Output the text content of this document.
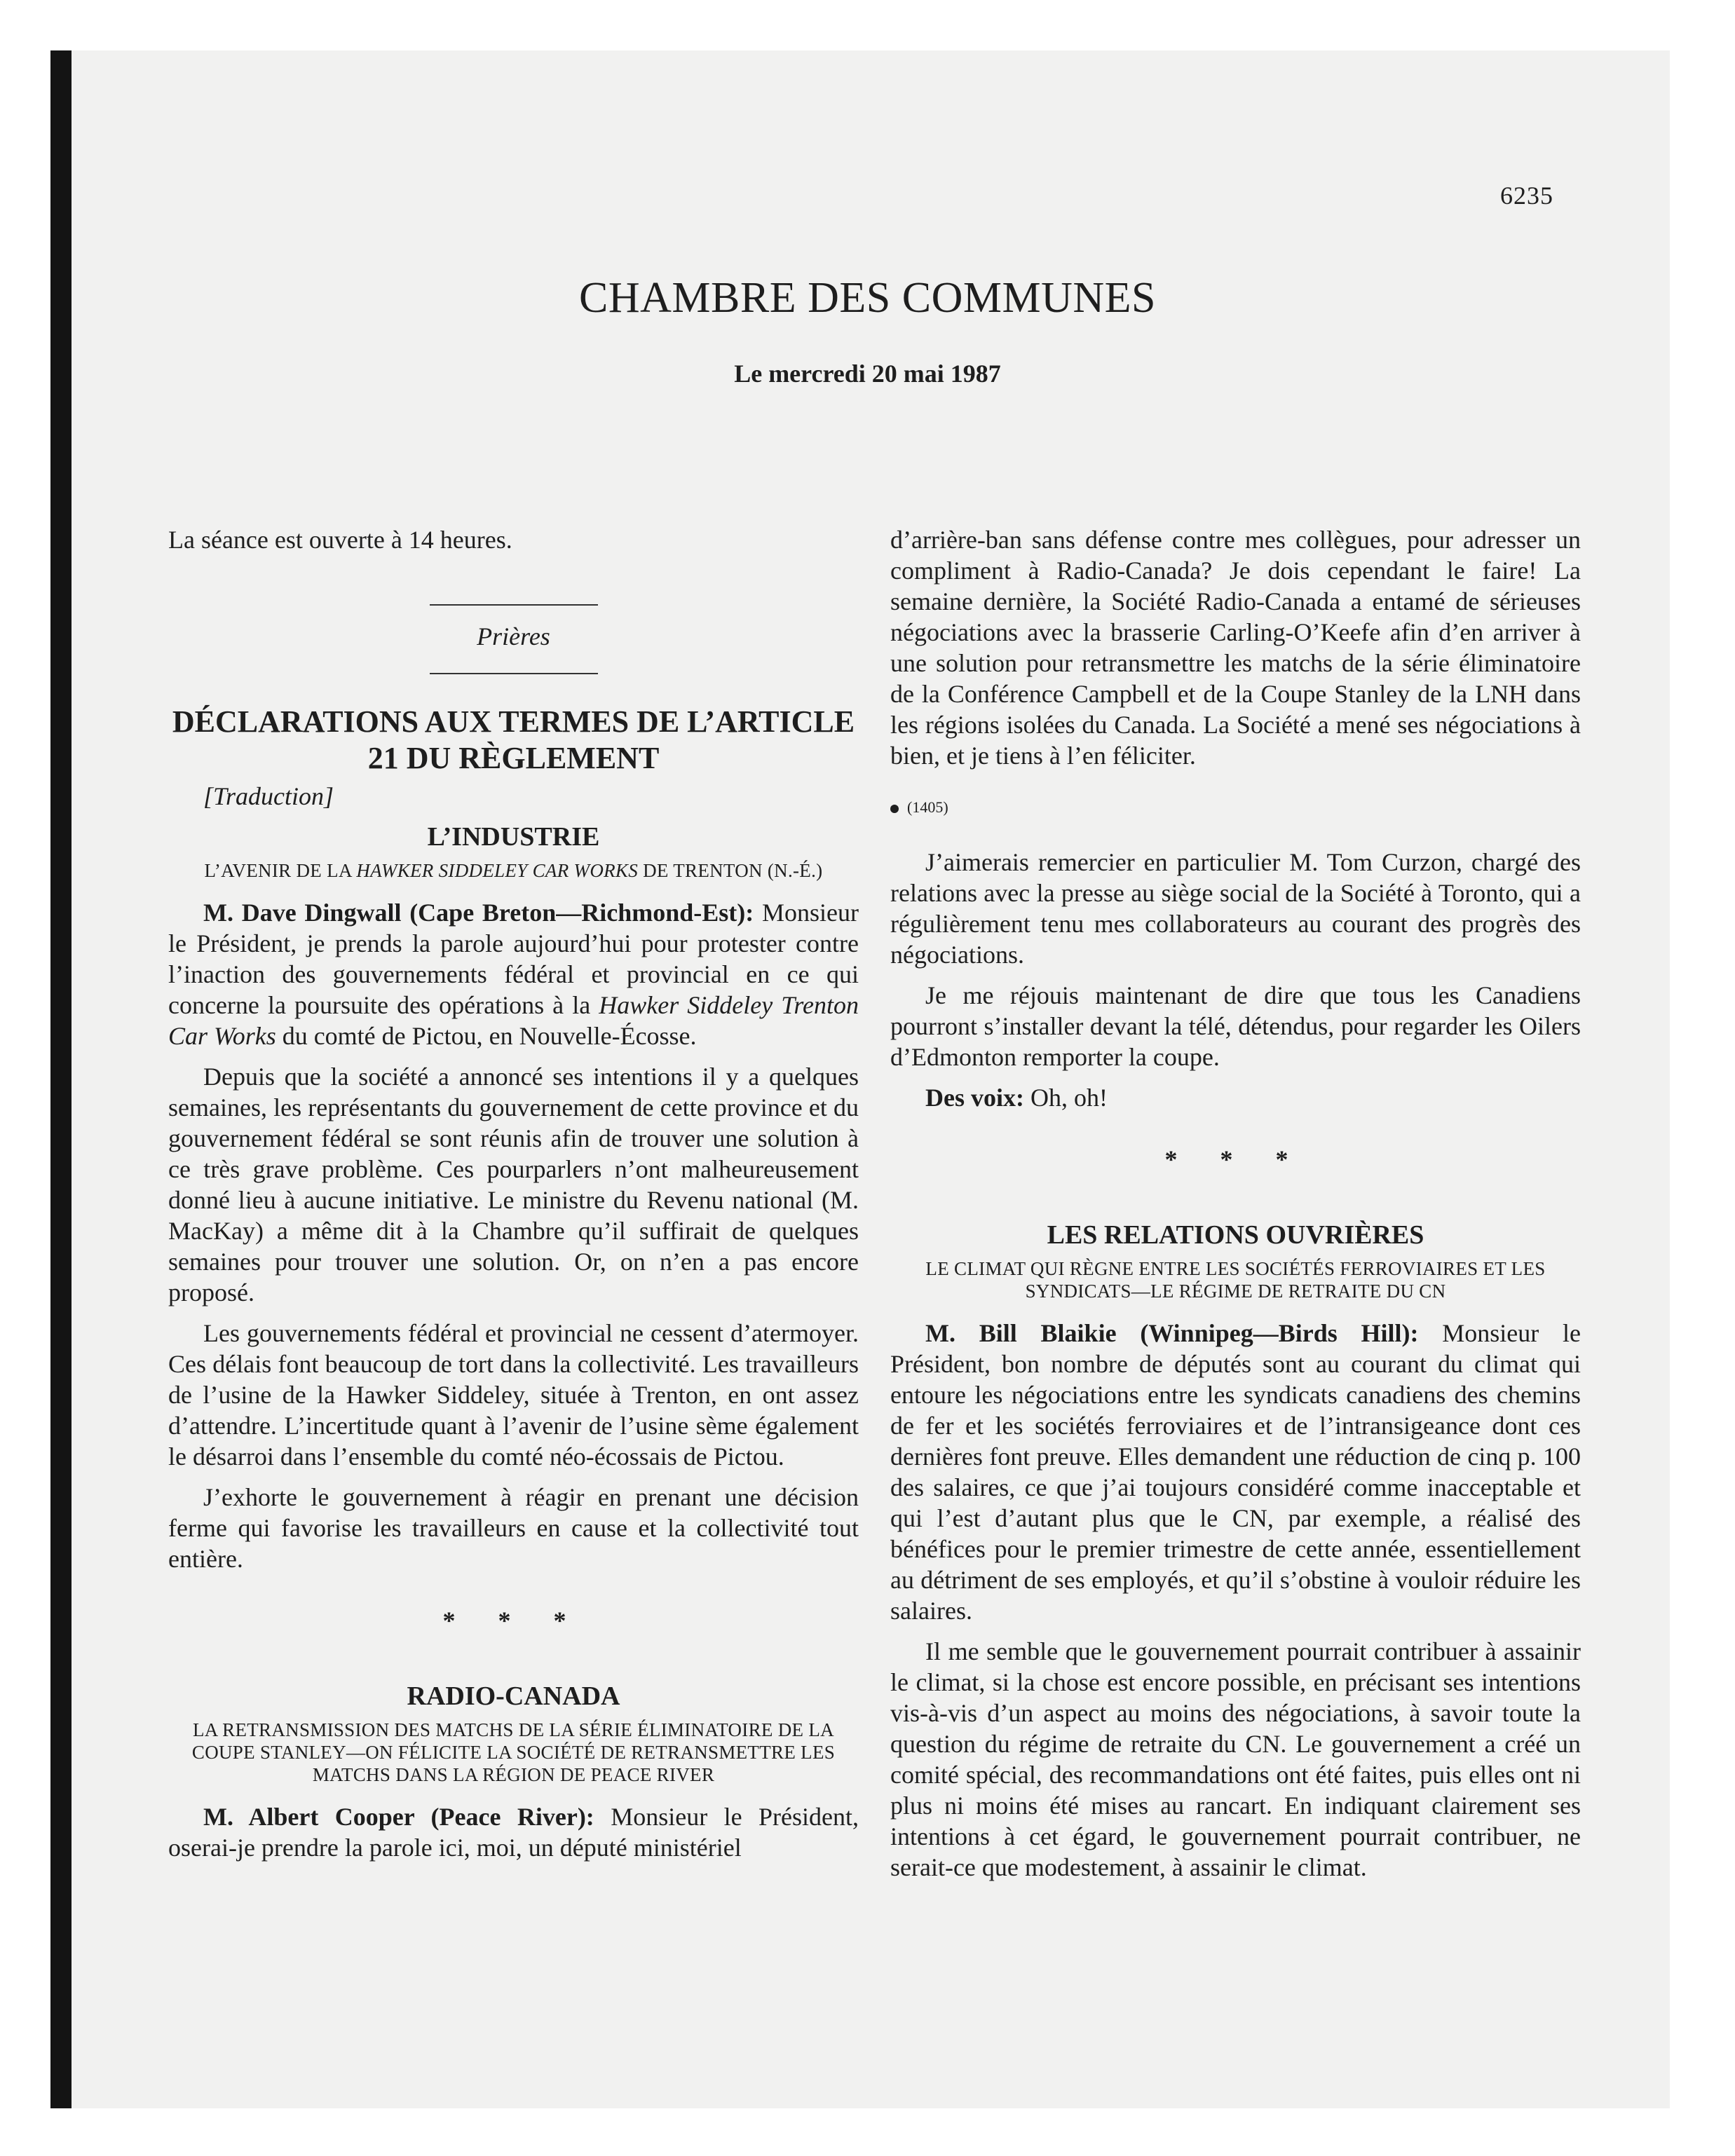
6235
CHAMBRE DES COMMUNES
Le mercredi 20 mai 1987

La séance est ouverte à 14 heures.

Prières
DÉCLARATIONS AUX TERMES DE L’ARTICLE 21 DU RÈGLEMENT

[Traduction]

L’INDUSTRIE
L’AVENIR DE LA HAWKER SIDDELEY CAR WORKS DE TRENTON (N.-É.)

M. Dave Dingwall (Cape Breton—Richmond-Est): Monsieur le Président, je prends la parole aujourd’hui pour protester contre l’inaction des gouvernements fédéral et provincial en ce qui concerne la poursuite des opérations à la Hawker Siddeley Trenton Car Works du comté de Pictou, en Nouvelle-Écosse.

Depuis que la société a annoncé ses intentions il y a quelques semaines, les représentants du gouvernement de cette province et du gouvernement fédéral se sont réunis afin de trouver une solution à ce très grave problème. Ces pourparlers n’ont malheureusement donné lieu à aucune initiative. Le ministre du Revenu national (M. MacKay) a même dit à la Chambre qu’il suffirait de quelques semaines pour trouver une solution. Or, on n’en a pas encore proposé.

Les gouvernements fédéral et provincial ne cessent d’atermoyer. Ces délais font beaucoup de tort dans la collectivité. Les travailleurs de l’usine de la Hawker Siddeley, située à Trenton, en ont assez d’attendre. L’incertitude quant à l’avenir de l’usine sème également le désarroi dans l’ensemble du comté néo-écossais de Pictou.

J’exhorte le gouvernement à réagir en prenant une décision ferme qui favorise les travailleurs en cause et la collectivité tout entière.

* * *
RADIO-CANADA
LA RETRANSMISSION DES MATCHS DE LA SÉRIE ÉLIMINATOIRE DE LA COUPE STANLEY—ON FÉLICITE LA SOCIÉTÉ DE RETRANSMETTRE LES MATCHS DANS LA RÉGION DE PEACE RIVER

M. Albert Cooper (Peace River): Monsieur le Président, oserai-je prendre la parole ici, moi, un député ministériel

d’arrière-ban sans défense contre mes collègues, pour adresser un compliment à Radio-Canada? Je dois cependant le faire! La semaine dernière, la Société Radio-Canada a entamé de sérieuses négociations avec la brasserie Carling-O’Keefe afin d’en arriver à une solution pour retransmettre les matchs de la série éliminatoire de la Conférence Campbell et de la Coupe Stanley de la LNH dans les régions isolées du Canada. La Société a mené ses négociations à bien, et je tiens à l’en féliciter.

(1405)

J’aimerais remercier en particulier M. Tom Curzon, chargé des relations avec la presse au siège social de la Société à Toronto, qui a régulièrement tenu mes collaborateurs au courant des progrès des négociations.

Je me réjouis maintenant de dire que tous les Canadiens pourront s’installer devant la télé, détendus, pour regarder les Oilers d’Edmonton remporter la coupe.

Des voix: Oh, oh!

* * *
LES RELATIONS OUVRIÈRES
LE CLIMAT QUI RÈGNE ENTRE LES SOCIÉTÉS FERROVIAIRES ET LES SYNDICATS—LE RÉGIME DE RETRAITE DU CN

M. Bill Blaikie (Winnipeg—Birds Hill): Monsieur le Président, bon nombre de députés sont au courant du climat qui entoure les négociations entre les syndicats canadiens des chemins de fer et les sociétés ferroviaires et de l’intransigeance dont ces dernières font preuve. Elles demandent une réduction de cinq p. 100 des salaires, ce que j’ai toujours considéré comme inacceptable et qui l’est d’autant plus que le CN, par exemple, a réalisé des bénéfices pour le premier trimestre de cette année, essentiellement au détriment de ses employés, et qu’il s’obstine à vouloir réduire les salaires.

Il me semble que le gouvernement pourrait contribuer à assainir le climat, si la chose est encore possible, en précisant ses intentions vis-à-vis d’un aspect au moins des négociations, à savoir toute la question du régime de retraite du CN. Le gouvernement a créé un comité spécial, des recommandations ont été faites, puis elles ont ni plus ni moins été mises au rancart. En indiquant clairement ses intentions à cet égard, le gouvernement pourrait contribuer, ne serait-ce que modestement, à assainir le climat.
